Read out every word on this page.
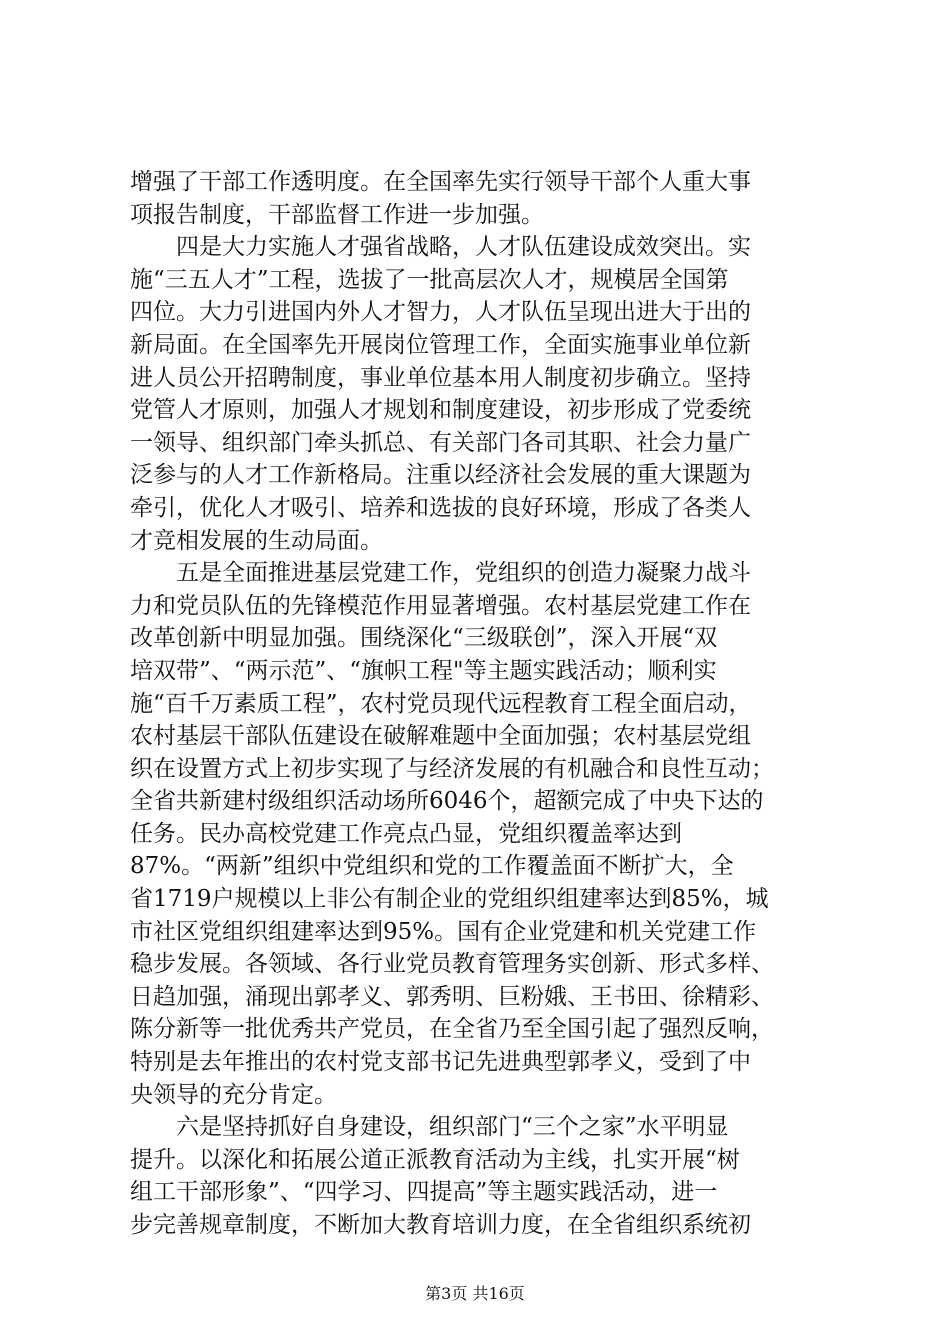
增强了干部工作透明度。在全国率先实行领导干部个人重大事
项报告制度，干部监督工作进一步加强。
　　四是大力实施人才强省战略，人才队伍建设成效突出。实
施“三五人才”工程，选拔了一批高层次人才，规模居全国第
四位。大力引进国内外人才智力，人才队伍呈现出进大于出的
新局面。在全国率先开展岗位管理工作，全面实施事业单位新
进人员公开招聘制度，事业单位基本用人制度初步确立。坚持
党管人才原则，加强人才规划和制度建设，初步形成了党委统
一领导、组织部门牵头抓总、有关部门各司其职、社会力量广
泛参与的人才工作新格局。注重以经济社会发展的重大课题为
牵引，优化人才吸引、培养和选拔的良好环境，形成了各类人
才竞相发展的生动局面。
　　五是全面推进基层党建工作，党组织的创造力凝聚力战斗
力和党员队伍的先锋模范作用显著增强。农村基层党建工作在
改革创新中明显加强。围绕深化“三级联创”，深入开展“双
培双带”、“两示范”、“旗帜工程"等主题实践活动；顺利实
施“百千万素质工程”，农村党员现代远程教育工程全面启动，
农村基层干部队伍建设在破解难题中全面加强；农村基层党组
织在设置方式上初步实现了与经济发展的有机融合和良性互动；
全省共新建村级组织活动场所6046个，超额完成了中央下达的
任务。民办高校党建工作亮点凸显，党组织覆盖率达到
87%。“两新”组织中党组织和党的工作覆盖面不断扩大，全
省1719户规模以上非公有制企业的党组织组建率达到85%，城
市社区党组织组建率达到95%。国有企业党建和机关党建工作
稳步发展。各领域、各行业党员教育管理务实创新、形式多样、
日趋加强，涌现出郭孝义、郭秀明、巨粉娥、王书田、徐精彩、
陈分新等一批优秀共产党员，在全省乃至全国引起了强烈反响，
特别是去年推出的农村党支部书记先进典型郭孝义，受到了中
央领导的充分肯定。
　　六是坚持抓好自身建设，组织部门“三个之家”水平明显
提升。以深化和拓展公道正派教育活动为主线，扎实开展“树
组工干部形象”、“四学习、四提高”等主题实践活动，进一
步完善规章制度，不断加大教育培训力度，在全省组织系统初
第3页 共16页
